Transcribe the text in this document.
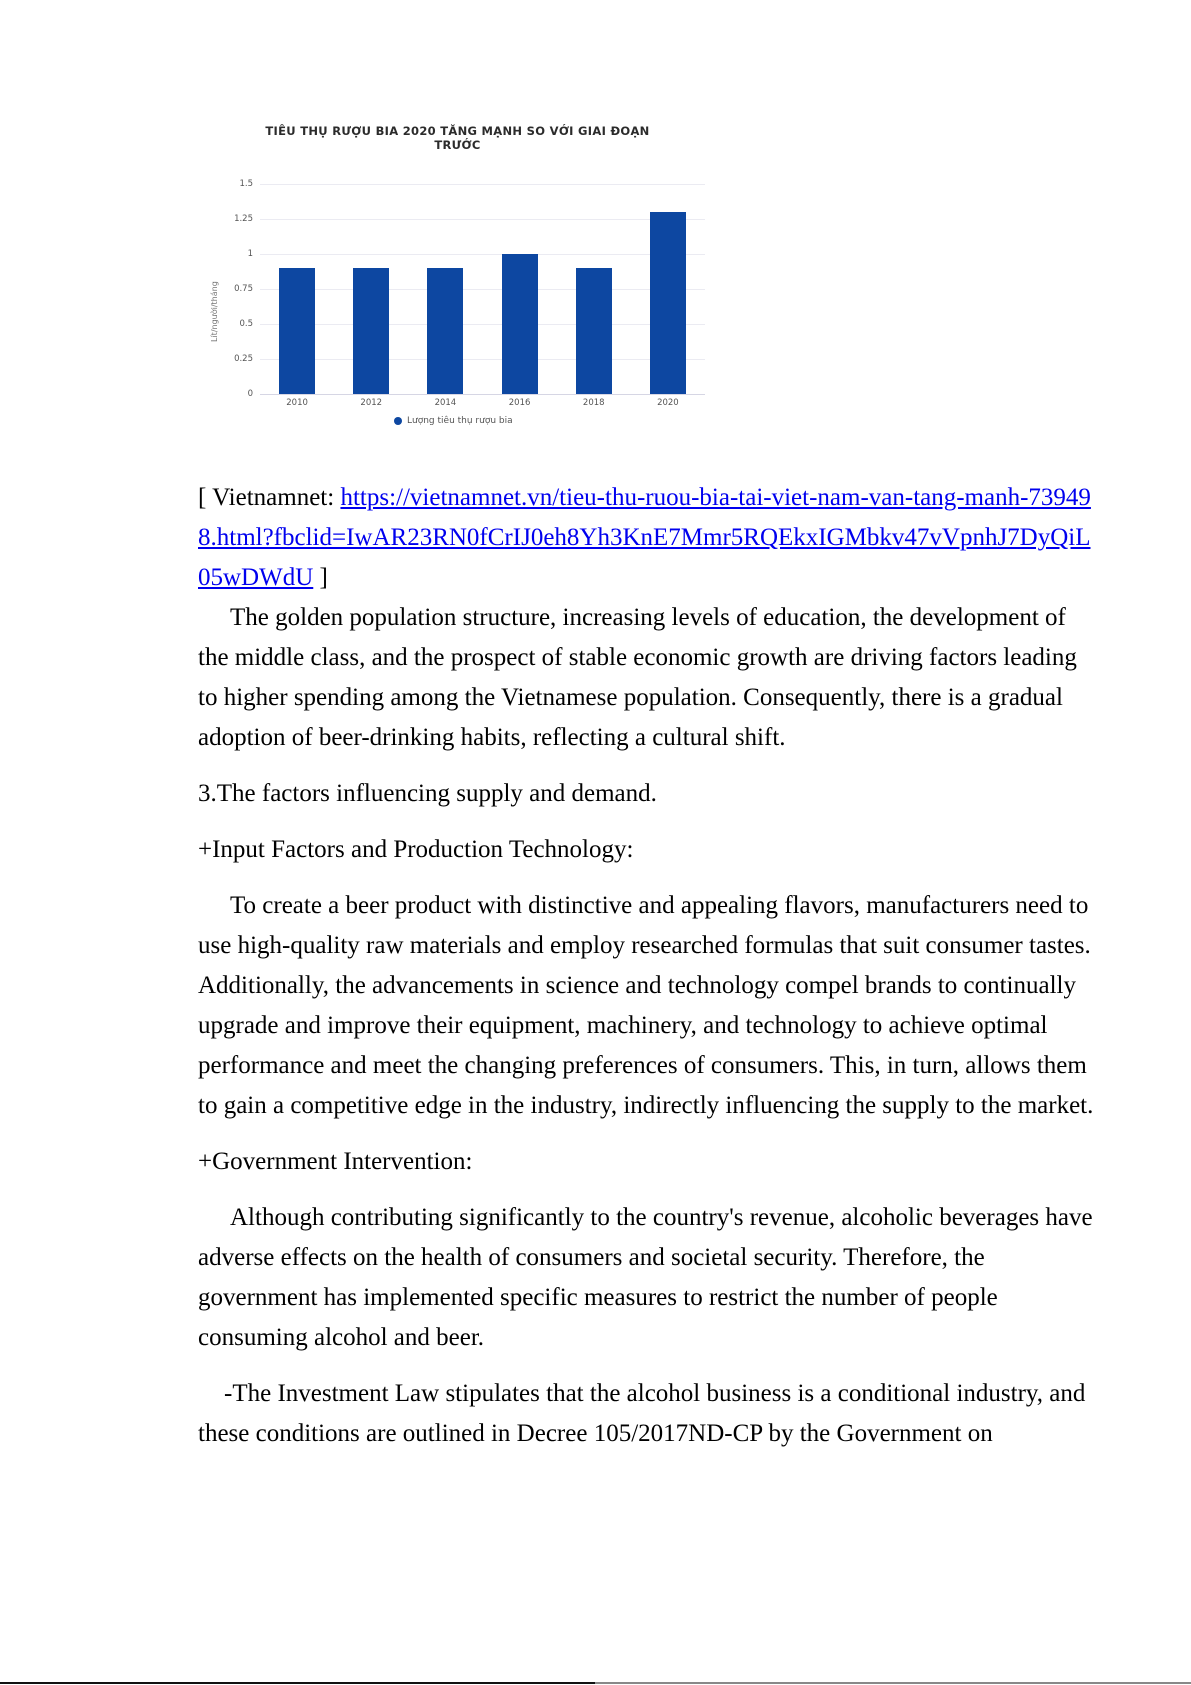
TIÊU THỤ RƯỢU BIA 2020 TĂNG MẠNH SO VỚI GIAI ĐOẠN
TRƯỚC
Lít/người/tháng
0
0.25
0.5
0.75
1
1.25
1.5
2010	2012	2014	2016	2018	2020
Lượng tiêu thụ rượu bia

[ Vietnamnet: https://vietnamnet.vn/tieu-thu-ruou-bia-tai-viet-nam-van-tang-manh-739498.html?fbclid=IwAR23RN0fCrIJ0eh8Yh3KnE7Mmr5RQEkxIGMbkv47vVpnhJ7DyQiL05wDWdU ]

The golden population structure, increasing levels of education, the development of the middle class, and the prospect of stable economic growth are driving factors leading to higher spending among the Vietnamese population. Consequently, there is a gradual adoption of beer-drinking habits, reflecting a cultural shift.

3.The factors influencing supply and demand.

+Input Factors and Production Technology:

To create a beer product with distinctive and appealing flavors, manufacturers need to use high-quality raw materials and employ researched formulas that suit consumer tastes. Additionally, the advancements in science and technology compel brands to continually upgrade and improve their equipment, machinery, and technology to achieve optimal performance and meet the changing preferences of consumers. This, in turn, allows them to gain a competitive edge in the industry, indirectly influencing the supply to the market.

+Government Intervention:

Although contributing significantly to the country's revenue, alcoholic beverages have adverse effects on the health of consumers and societal security. Therefore, the government has implemented specific measures to restrict the number of people consuming alcohol and beer.

-The Investment Law stipulates that the alcohol business is a conditional industry, and these conditions are outlined in Decree 105/2017ND-CP by the Government on
